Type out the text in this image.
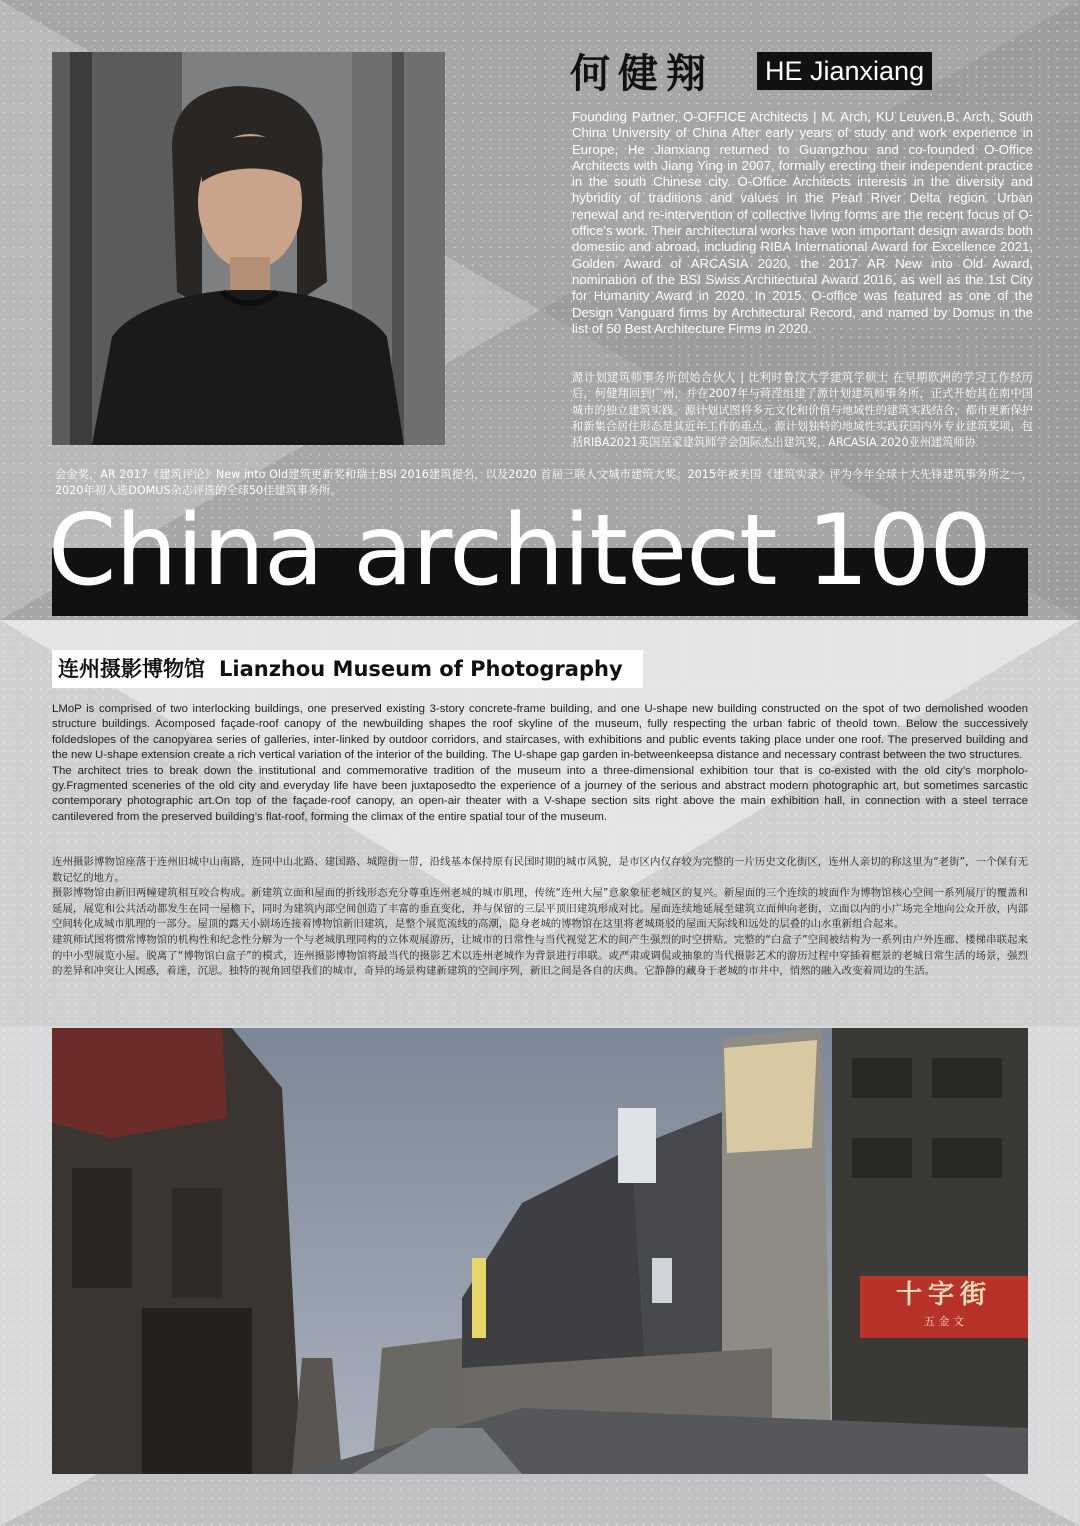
何健翔 HE Jianxiang
Founding Partner, O-OFFICE Architects | M. Arch, KU Leuven,B. Arch, South China University of China After early years of study and work experience in Europe, He Jianxiang returned to Guangzhou and co-founded O-Office Architects with Jiang Ying in 2007, formally erecting their independent practice in the south Chinese city. O-Office Architects interests in the diversity and hybridity of traditions and values in the Pearl River Delta region. Urban renewal and re-intervention of collective living forms are the recent focus of O-office’s work. Their architectural works have won important design awards both domestic and abroad, including RIBA International Award for Excellence 2021, Golden Award of ARCASIA 2020, the 2017 AR New into Old Award, nomination of the BSI Swiss Architectural Award 2016, as well as the 1st City for Humanity Award in 2020. In 2015. O-office was featured as one of the Design Vanguard firms by Architectural Record, and named by Domus in the list of 50 Best Architecture Firms in 2020.
源计划建筑师事务所创始合伙人 | 比利时鲁汶大学建筑学硕士 在早期欧洲的学习工作经历后，何健翔回到广州，并在2007年与蒋滢组建了源计划建筑师事务所，正式开始其在南中国城市的独立建筑实践。源计划试图将多元文化和价值与地域性的建筑实践结合，都市更新保护和新集合居住形态是其近年工作的重点。源计划独特的地域性实践获国内外专业建筑奖项，包括RIBA2021英国皇家建筑师学会国际杰出建筑奖，ARCASIA 2020亚州建筑师协
会金奖，AR 2017《建筑评论》New into Old建筑更新奖和瑞士BSI 2016建筑提名，以及2020 首届三联人文城市建筑大奖。2015年被美国《建筑实录》评为今年全球十大先锋建筑事务所之一，2020年初入选DOMUS杂志评选的全球50佳建筑事务所。
China architect 100
连州摄影博物馆 Lianzhou Museum of Photography

LMoP is comprised of two interlocking buildings, one preserved existing 3-story concrete-frame building, and one U-shape new building constructed on the spot of two demolished wooden structure buildings. Acomposed façade-roof canopy of the newbuilding shapes the roof skyline of the museum, fully respecting the urban fabric of theold town. Below the successively foldedslopes of the canopyarea series of galleries, inter-linked by outdoor corridors, and staircases, with exhibitions and public events taking place under one roof. The preserved building and the new U-shape extension create a rich vertical variation of the interior of the building. The U-shape gap garden in-betweenkeepsa distance and necessary contrast between the two structures.

The architect tries to break down the institutional and commemorative tradition of the museum into a three-dimensional exhibition tour that is co-existed with the old city’s morpholo-gy.Fragmented sceneries of the old city and everyday life have been juxtaposedto the experience of a journey of the serious and abstract modern photographic art, but sometimes sarcastic contemporary photographic art.On top of the façade-roof canopy, an open-air theater with a V-shape section sits right above the main exhibition hall, in connection with a steel terrace cantilevered from the preserved building’s flat-roof, forming the climax of the entire spatial tour of the museum.

连州摄影博物馆座落于连州旧城中山南路，连同中山北路、建国路、城隍街一带，沿线基本保持原有民国时期的城市风貌，是市区内仅存较为完整的一片历史文化街区，连州人亲切的称这里为“老街”，一个保有无数记忆的地方。

摄影博物馆由新旧两幢建筑相互咬合构成。新建筑立面和屋面的折线形态充分尊重连州老城的城市肌理，传统“连州大屋”意象象征老城区的复兴。新屋面的三个连续的坡面作为博物馆核心空间一系列展厅的覆盖和延展，展览和公共活动都发生在同一屋檐下，同时为建筑内部空间创造了丰富的垂直变化，并与保留的三层平顶旧建筑形成对比。屋面连续地延展至建筑立面伸向老街，立面以内的小广场完全地向公众开放，内部空间转化成城市肌理的一部分。屋顶的露天小剧场连接着博物馆新旧建筑，是整个展览流线的高潮，隐身老城的博物馆在这里将老城斑驳的屋面天际线和远处的层叠的山水重新组合起来。

建筑师试图将惯常博物馆的机构性和纪念性分解为一个与老城肌理同构的立体观展游历，让城市的日常性与当代视觉艺术的间产生强烈的时空拼贴。完整的“白盒子”空间被结构为一系列由户外连廊、楼梯串联起来的中小型展览小屋。脱离了“博物馆白盒子”的模式，连州摄影博物馆将最当代的摄影艺术以连州老城作为背景进行串联。或严肃或调侃或抽象的当代摄影艺术的游历过程中穿插着框景的老城日常生活的场景，强烈的差异和冲突让人困惑，着迷，沉思。独特的视角回望我们的城市，奇异的场景构建新建筑的空间序列，新旧之间是各自的庆典。它静静的藏身于老城的市井中，悄然的融入改变着周边的生活。

十字街
五 金 文
